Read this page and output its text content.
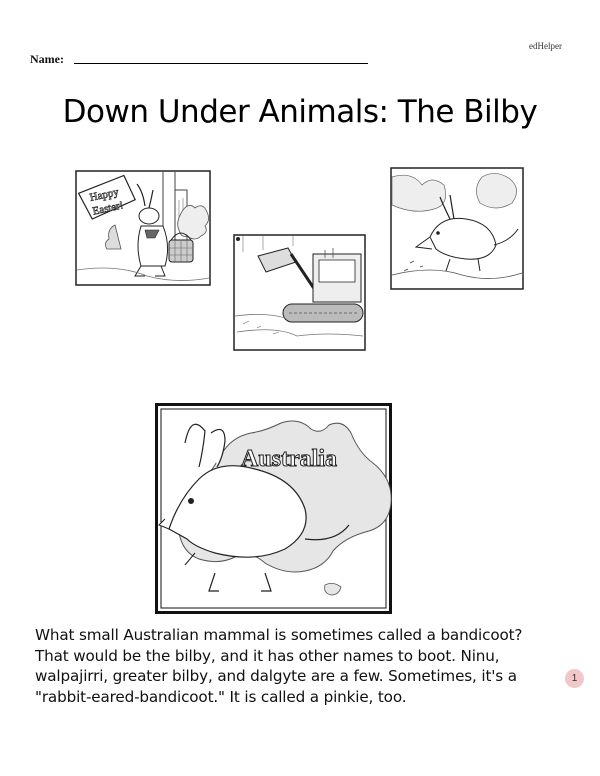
edHelper
Name:
Down Under Animals: The Bilby
Happy
Easter!
Australia
What small Australian mammal is sometimes called a bandicoot? That would be the bilby, and it has other names to boot. Ninu, walpajirri, greater bilby, and dalgyte are a few. Sometimes, it's a "rabbit-eared-bandicoot." It is called a pinkie, too.
1
